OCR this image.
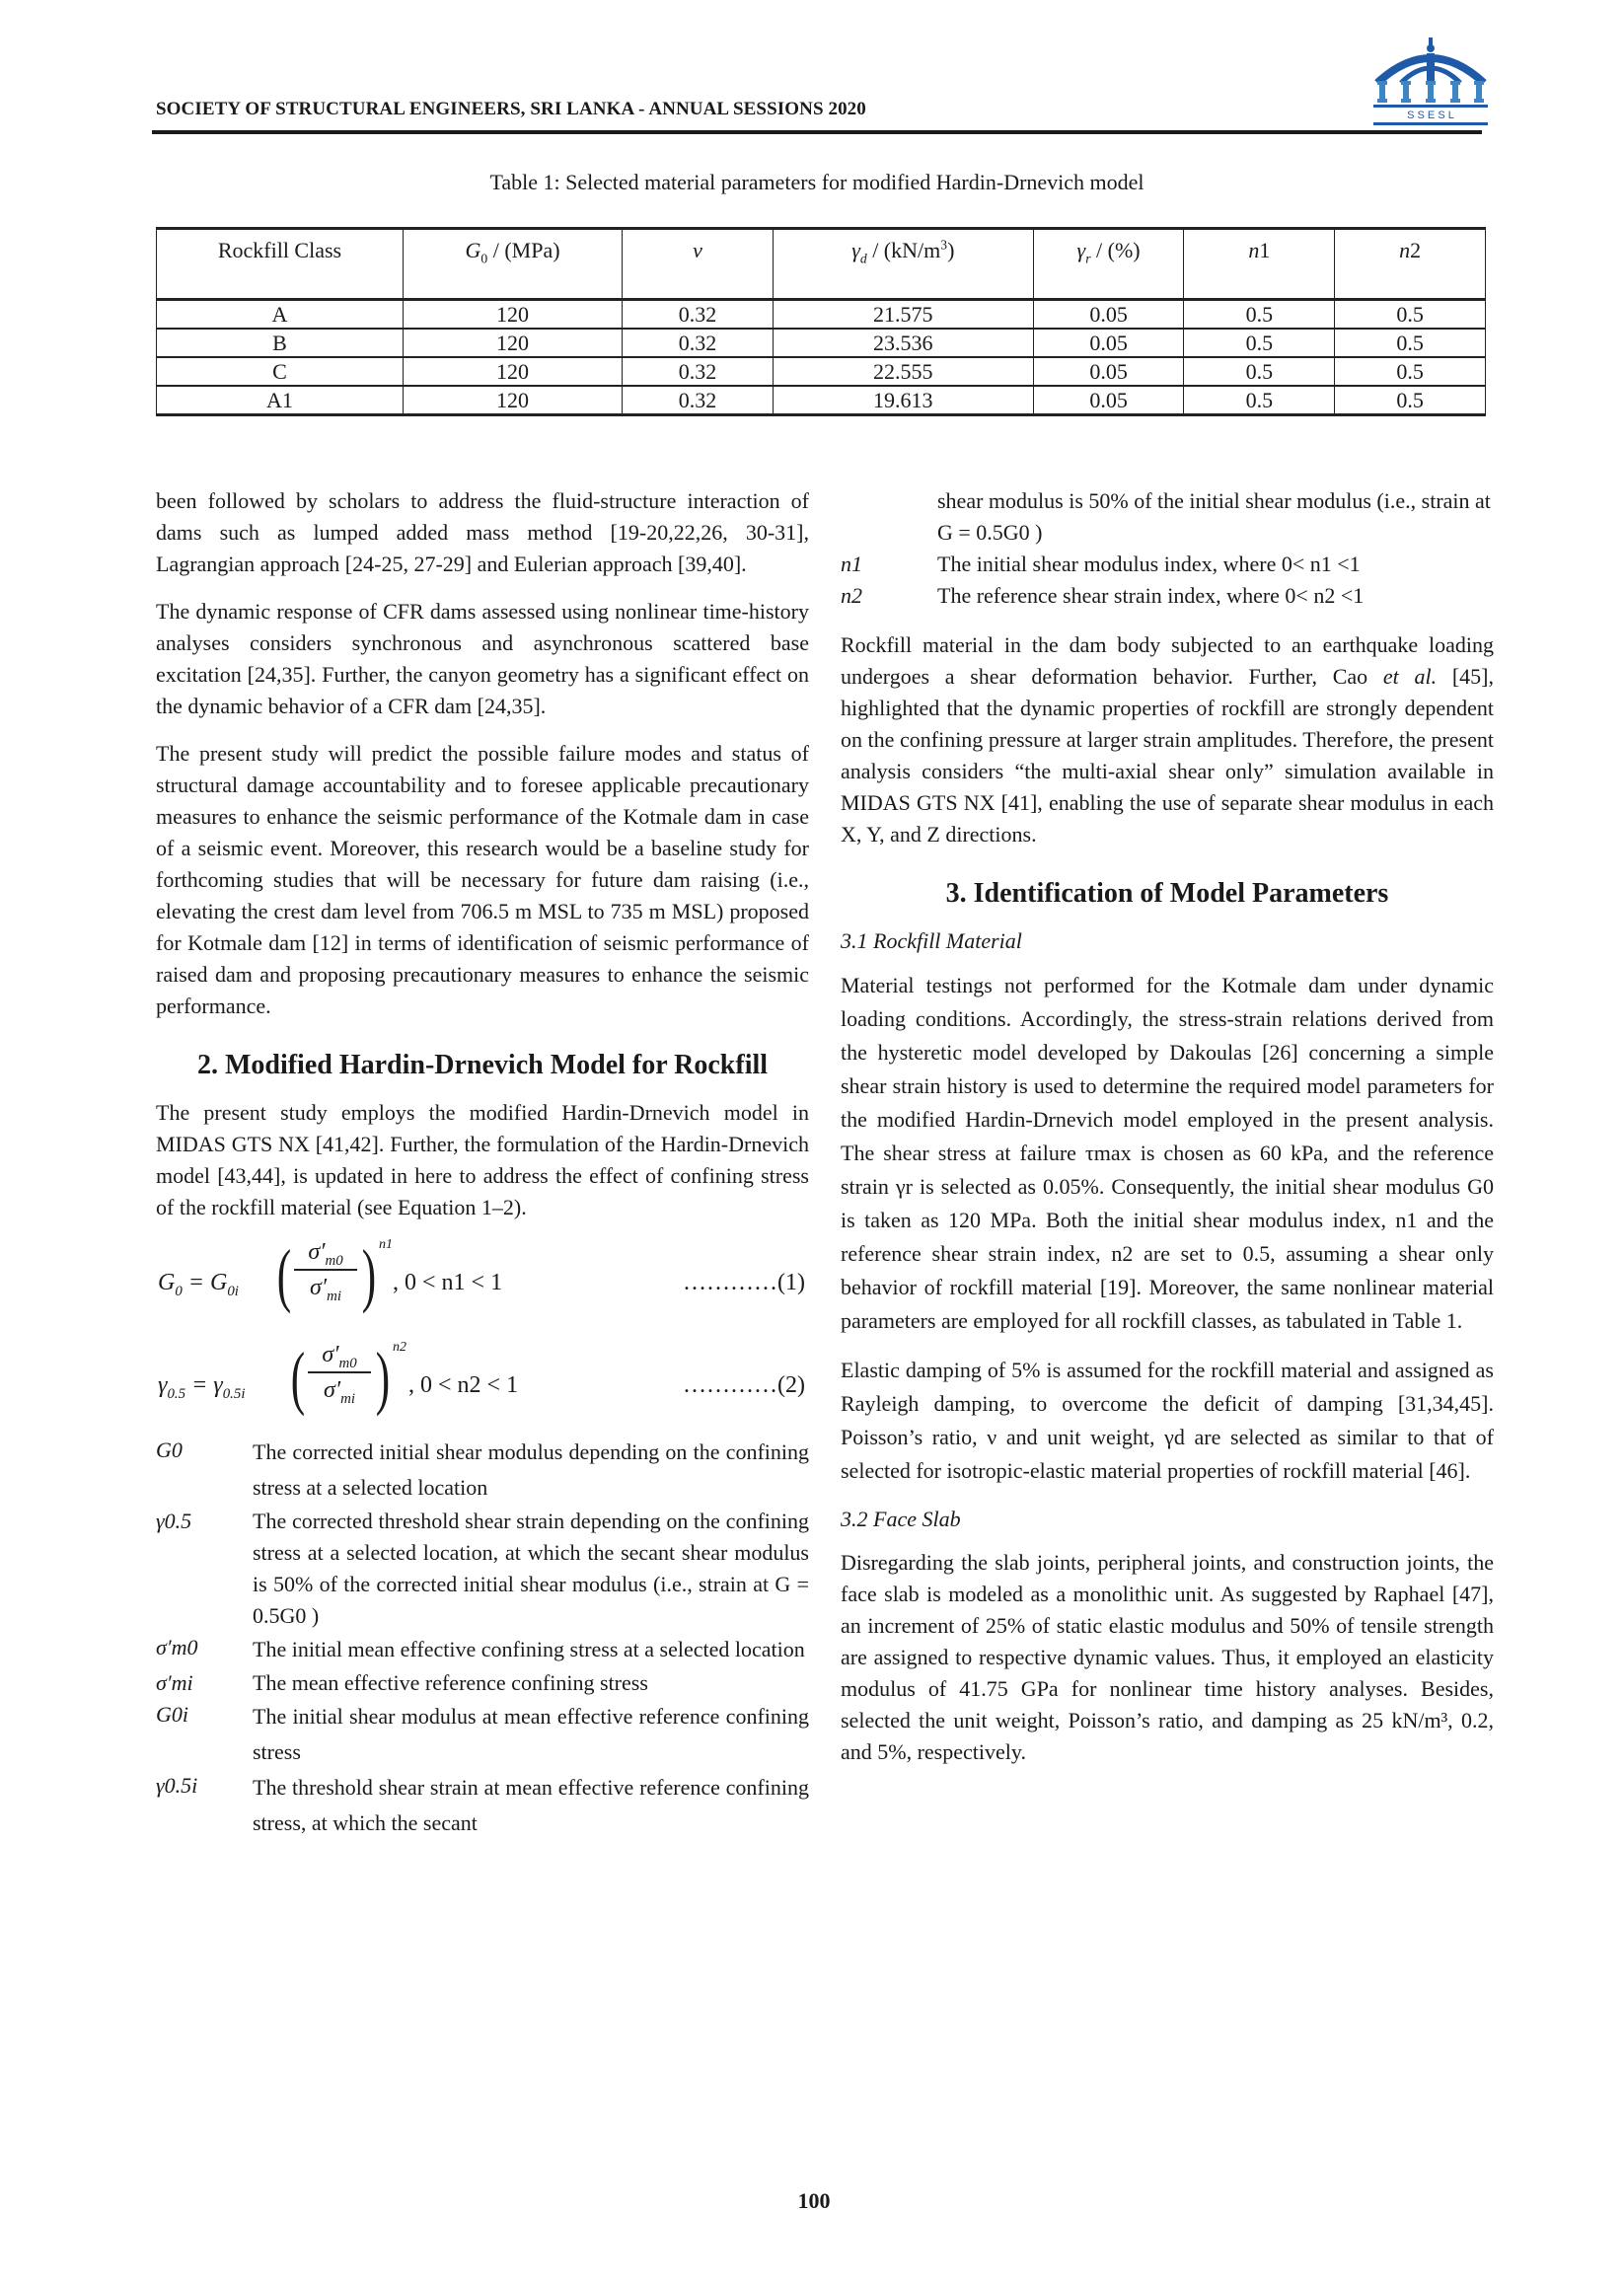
SOCIETY OF STRUCTURAL ENGINEERS, SRI LANKA - ANNUAL SESSIONS 2020	S S E S L
Table 1: Selected material parameters for modified Hardin-Drnevich model
Rockfill Class	$G_0 / (MPa)$	ν	$\gamma_d / (kN/m^3)$	$\gamma_r$ / (%)	n1	n2
A	120	0.32	21.575	0.05	0.5	0.5
B	120	0.32	23.536	0.05	0.5	0.5
C	120	0.32	22.555	0.05	0.5	0.5
A1	120	0.32	19.613	0.05	0.5	0.5

been followed by scholars to address the fluid-structure interaction of dams such as lumped added mass method [19-20,22,26, 30-31], Lagrangian approach [24-25, 27-29] and Eulerian approach [39,40].

The dynamic response of CFR dams assessed using nonlinear time-history analyses considers synchronous and asynchronous scattered base excitation [24,35]. Further, the canyon geometry has a significant effect on the dynamic behavior of a CFR dam [24,35].

The present study will predict the possible failure modes and status of structural damage accountability and to foresee applicable precautionary measures to enhance the seismic performance of the Kotmale dam in case of a seismic event. Moreover, this research would be a baseline study for forthcoming studies that will be necessary for future dam raising (i.e., elevating the crest dam level from 706.5 m MSL to 735 m MSL) proposed for Kotmale dam [12] in terms of identification of seismic performance of raised dam and proposing precautionary measures to enhance the seismic performance.

2. Modified Hardin-Drnevich Model for Rockfill

The present study employs the modified Hardin-Drnevich model in MIDAS GTS NX [41,42]. Further, the formulation of the Hardin-Drnevich model [43,44], is updated in here to address the effect of confining stress of the rockfill material (see Equation 1–2).

$G_0 = G_{0i}$ ( $\sigma'_{m0}$
$\sigma'_{mi}$ ) n1
, 0 < n1 < 1	…………(1)
$\gamma_{0.5} = \gamma_{0.5i}$ ( $\sigma'_{m0}$
$\sigma'_{mi}$ ) n2
, 0 < n2 < 1	…………(2)
G0	The corrected initial shear modulus depending on the confining stress at a selected location
γ0.5	The corrected threshold shear strain depending on the confining stress at a selected location, at which the secant shear modulus is 50% of the corrected initial shear modulus (i.e., strain at G = 0.5G0 )
σ′m0	The initial mean effective confining stress at a selected location
σ′mi	The mean effective reference confining stress
G0i	The initial shear modulus at mean effective reference confining stress
γ0.5i	The threshold shear strain at mean effective reference confining stress, at which the secant
shear modulus is 50% of the initial shear modulus (i.e., strain at G = 0.5G0 )
n1	The initial shear modulus index, where 0< n1 <1
n2	The reference shear strain index, where 0< n2 <1

Rockfill material in the dam body subjected to an earthquake loading undergoes a shear deformation behavior. Further, Cao et al. [45], highlighted that the dynamic properties of rockfill are strongly dependent on the confining pressure at larger strain amplitudes. Therefore, the present analysis considers “the multi-axial shear only” simulation available in MIDAS GTS NX [41], enabling the use of separate shear modulus in each X, Y, and Z directions.

3. Identification of Model Parameters
3.1 Rockfill Material

Material testings not performed for the Kotmale dam under dynamic loading conditions. Accordingly, the stress-strain relations derived from the hysteretic model developed by Dakoulas [26] concerning a simple shear strain history is used to determine the required model parameters for the modified Hardin-Drnevich model employed in the present analysis. The shear stress at failure τmax is chosen as 60 kPa, and the reference strain γr is selected as 0.05%. Consequently, the initial shear modulus G0 is taken as 120 MPa. Both the initial shear modulus index, n1 and the reference shear strain index, n2 are set to 0.5, assuming a shear only behavior of rockfill material [19]. Moreover, the same nonlinear material parameters are employed for all rockfill classes, as tabulated in Table 1.

Elastic damping of 5% is assumed for the rockfill material and assigned as Rayleigh damping, to overcome the deficit of damping [31,34,45]. Poisson’s ratio, ν and unit weight, γd are selected as similar to that of selected for isotropic-elastic material properties of rockfill material [46].

3.2 Face Slab

Disregarding the slab joints, peripheral joints, and construction joints, the face slab is modeled as a monolithic unit. As suggested by Raphael [47], an increment of 25% of static elastic modulus and 50% of tensile strength are assigned to respective dynamic values. Thus, it employed an elasticity modulus of 41.75 GPa for nonlinear time history analyses. Besides, selected the unit weight, Poisson’s ratio, and damping as 25 kN/m³, 0.2, and 5%, respectively.

100
